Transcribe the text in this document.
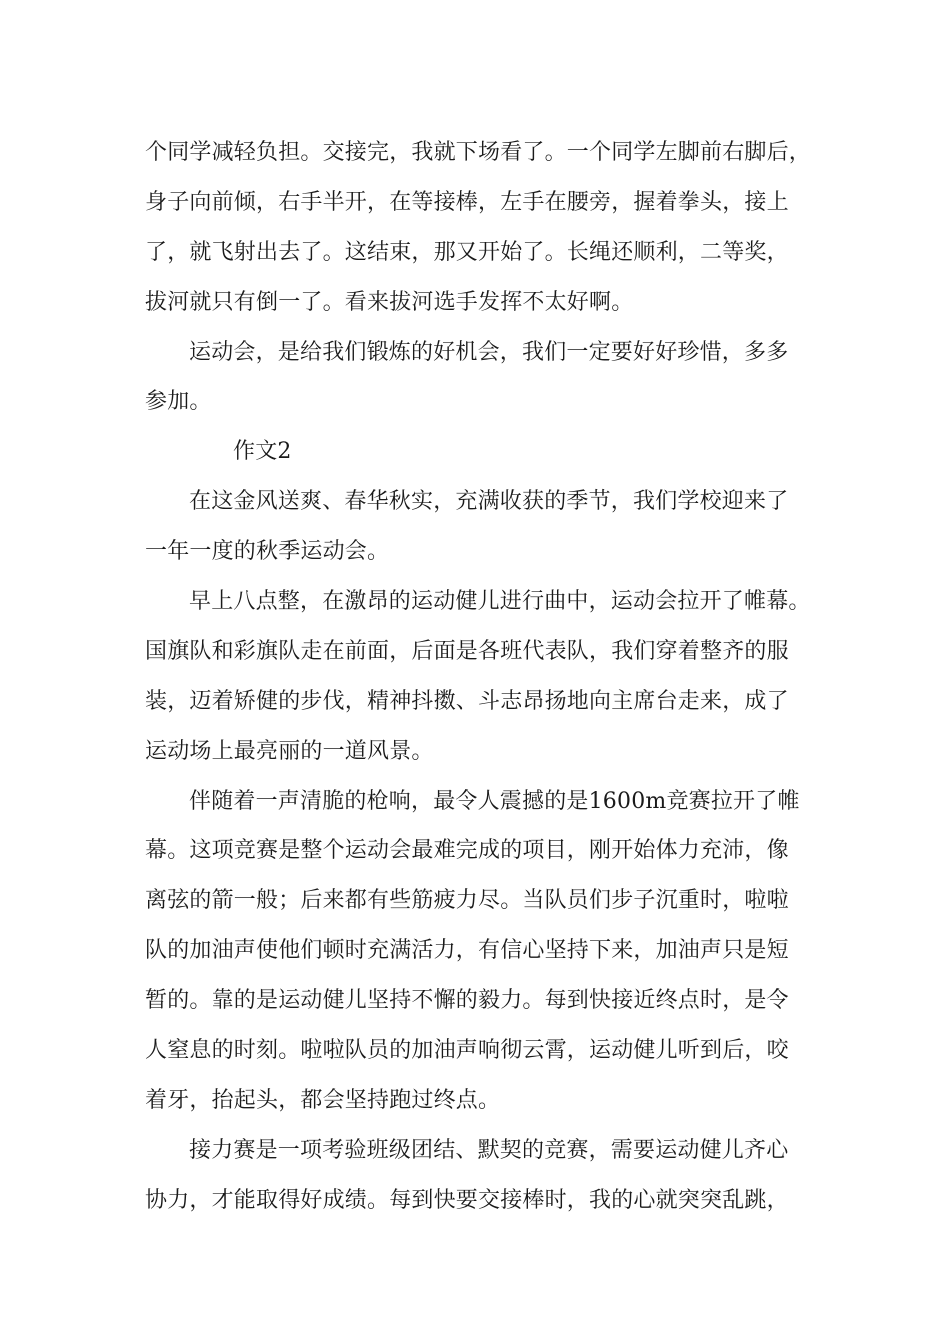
个同学减轻负担。交接完，我就下场看了。一个同学左脚前右脚后，
身子向前倾，右手半开，在等接棒，左手在腰旁，握着拳头，接上
了，就飞射出去了。这结束，那又开始了。长绳还顺利，二等奖，
拔河就只有倒一了。看来拔河选手发挥不太好啊。
运动会，是给我们锻炼的好机会，我们一定要好好珍惜，多多
参加。
作文2
在这金风送爽、春华秋实，充满收获的季节，我们学校迎来了
一年一度的秋季运动会。
早上八点整，在激昂的运动健儿进行曲中，运动会拉开了帷幕。
国旗队和彩旗队走在前面，后面是各班代表队，我们穿着整齐的服
装，迈着矫健的步伐，精神抖擞、斗志昂扬地向主席台走来，成了
运动场上最亮丽的一道风景。
伴随着一声清脆的枪响，最令人震撼的是1600m竞赛拉开了帷
幕。这项竞赛是整个运动会最难完成的项目，刚开始体力充沛，像
离弦的箭一般；后来都有些筋疲力尽。当队员们步子沉重时，啦啦
队的加油声使他们顿时充满活力，有信心坚持下来，加油声只是短
暂的。靠的是运动健儿坚持不懈的毅力。每到快接近终点时，是令
人窒息的时刻。啦啦队员的加油声响彻云霄，运动健儿听到后，咬
着牙，抬起头，都会坚持跑过终点。
接力赛是一项考验班级团结、默契的竞赛，需要运动健儿齐心
协力，才能取得好成绩。每到快要交接棒时，我的心就突突乱跳，
